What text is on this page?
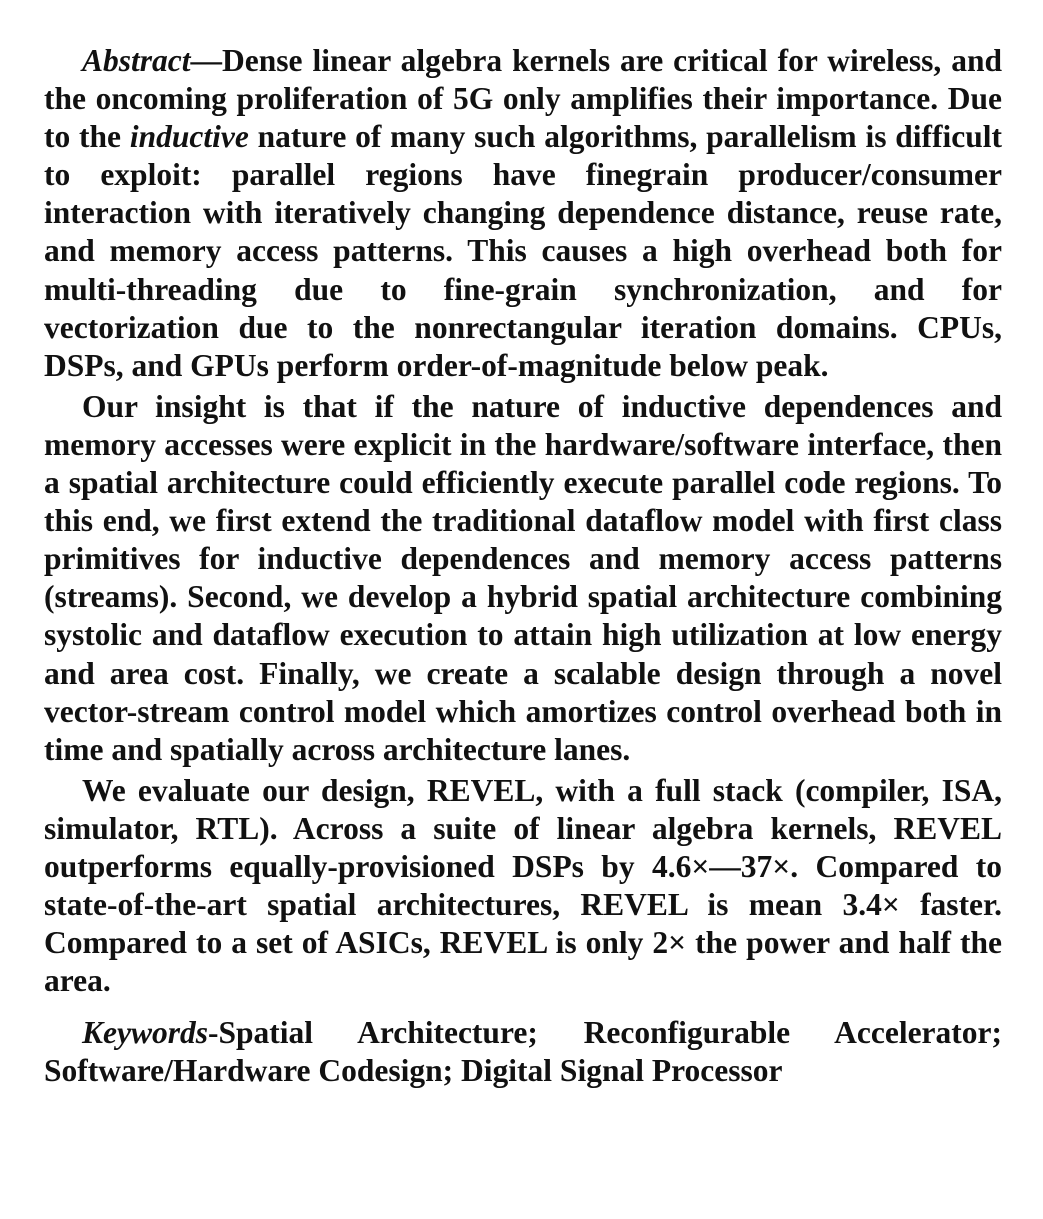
Abstract—Dense linear algebra kernels are critical for wireless, and the oncoming proliferation of 5G only amplifies their importance. Due to the inductive nature of many such algorithms, parallelism is difficult to exploit: parallel regions have finegrain producer/consumer interaction with iteratively changing dependence distance, reuse rate, and memory access patterns. This causes a high overhead both for multi-threading due to fine-grain synchronization, and for vectorization due to the nonrectangular iteration domains. CPUs, DSPs, and GPUs perform order-of-magnitude below peak.

Our insight is that if the nature of inductive dependences and memory accesses were explicit in the hardware/software interface, then a spatial architecture could efficiently execute parallel code regions. To this end, we first extend the traditional dataflow model with first class primitives for inductive dependences and memory access patterns (streams). Second, we develop a hybrid spatial architecture combining systolic and dataflow execution to attain high utilization at low energy and area cost. Finally, we create a scalable design through a novel vector-stream control model which amortizes control overhead both in time and spatially across architecture lanes.

We evaluate our design, REVEL, with a full stack (compiler, ISA, simulator, RTL). Across a suite of linear algebra kernels, REVEL outperforms equally-provisioned DSPs by 4.6×—37×. Compared to state-of-the-art spatial architectures, REVEL is mean 3.4× faster. Compared to a set of ASICs, REVEL is only 2× the power and half the area.

Keywords-Spatial Architecture; Reconfigurable Accelerator; Software/Hardware Codesign; Digital Signal Processor
